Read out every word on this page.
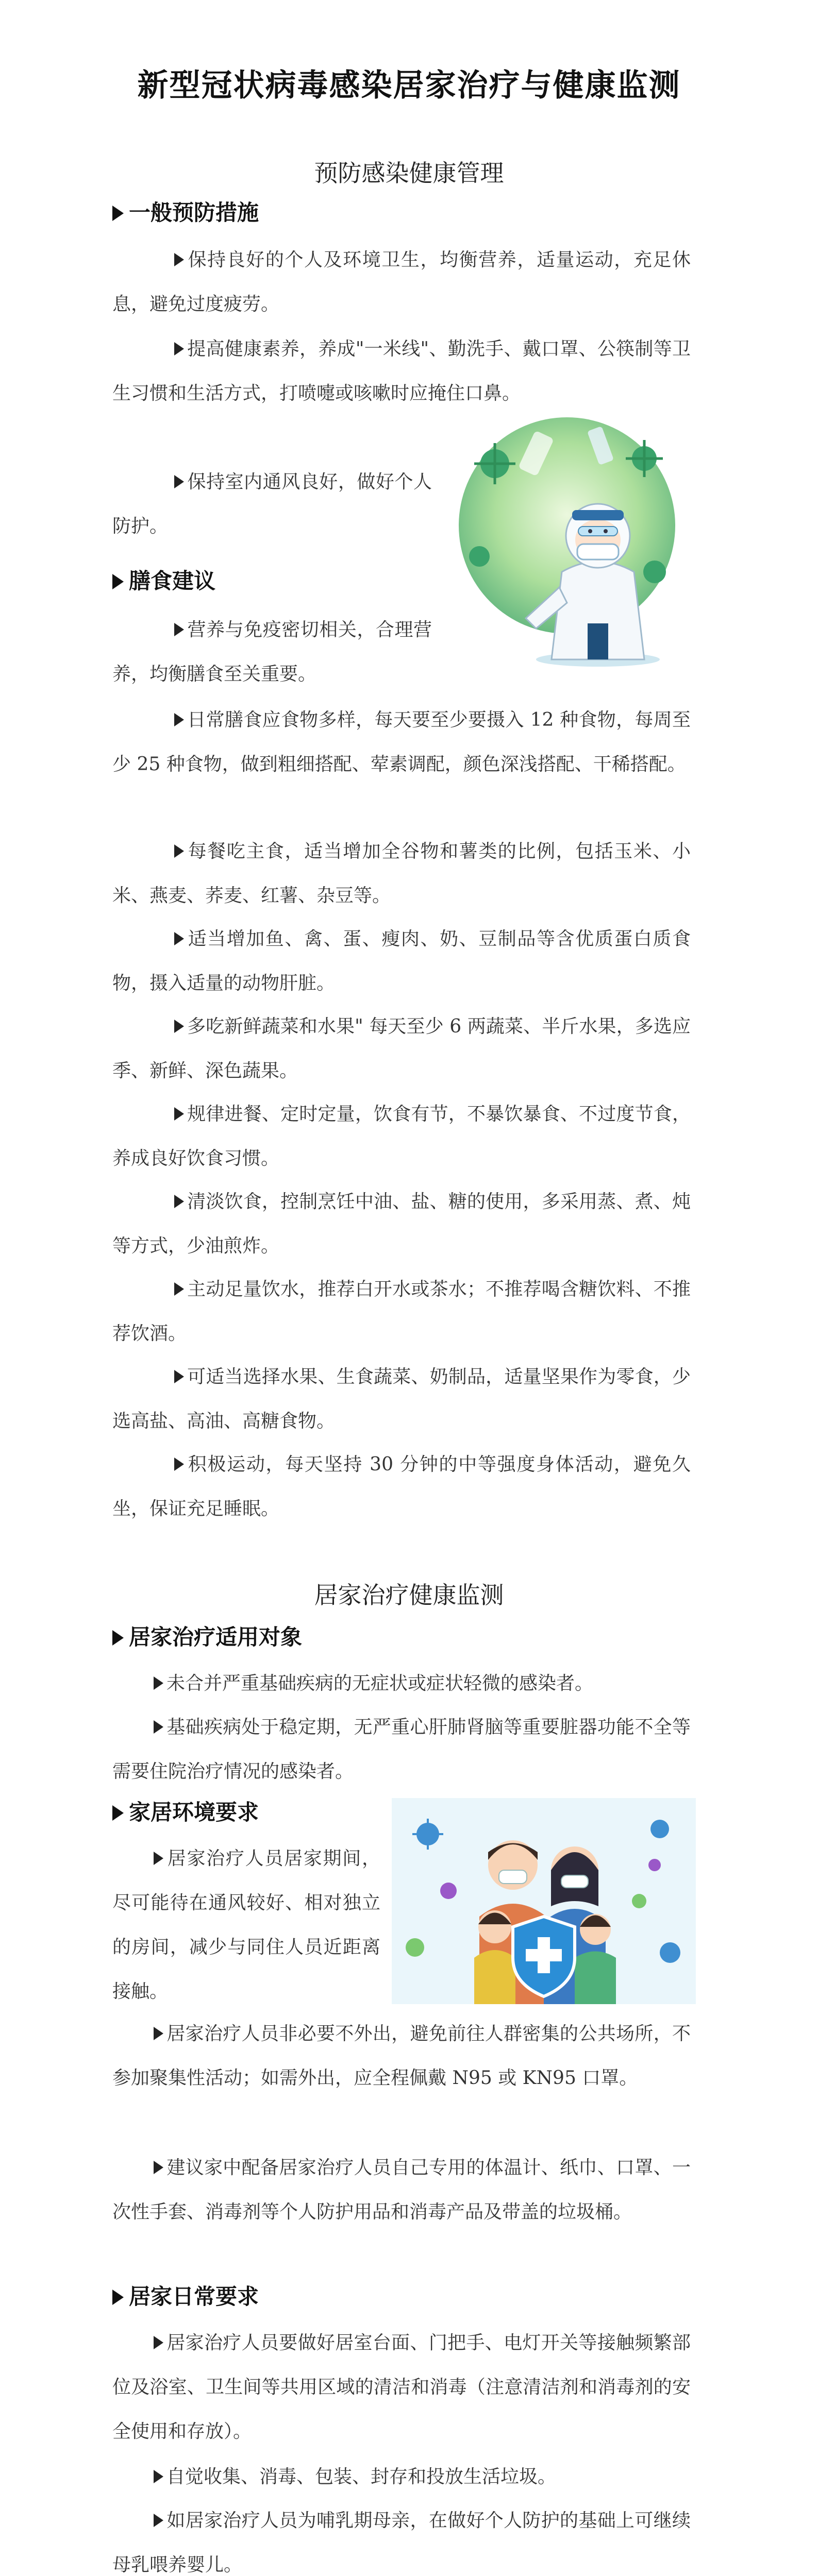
新型冠状病毒感染居家治疗与健康监测
预防感染健康管理
一般预防措施

保持良好的个人及环境卫生，均衡营养，适量运动，充足休息，避免过度疲劳。

提高健康素养，养成"一米线"、勤洗手、戴口罩、公筷制等卫生习惯和生活方式，打喷嚏或咳嗽时应掩住口鼻。

保持室内通风良好，做好个人防护。

膳食建议

营养与免疫密切相关，合理营养，均衡膳食至关重要。

日常膳食应食物多样，每天要至少要摄入 12 种食物，每周至少 25 种食物，做到粗细搭配、荤素调配，颜色深浅搭配、干稀搭配。

每餐吃主食，适当增加全谷物和薯类的比例，包括玉米、小米、燕麦、荞麦、红薯、杂豆等。

适当增加鱼、禽、蛋、瘦肉、奶、豆制品等含优质蛋白质食物，摄入适量的动物肝脏。

多吃新鲜蔬菜和水果" 每天至少 6 两蔬菜、半斤水果，多选应季、新鲜、深色蔬果。

规律进餐、定时定量，饮食有节，不暴饮暴食、不过度节食，养成良好饮食习惯。

清淡饮食，控制烹饪中油、盐、糖的使用，多采用蒸、煮、炖等方式，少油煎炸。

主动足量饮水，推荐白开水或茶水；不推荐喝含糖饮料、不推荐饮酒。

可适当选择水果、生食蔬菜、奶制品，适量坚果作为零食，少选高盐、高油、高糖食物。

积极运动，每天坚持 30 分钟的中等强度身体活动，避免久坐，保证充足睡眠。

居家治疗健康监测
居家治疗适用对象

未合并严重基础疾病的无症状或症状轻微的感染者。

基础疾病处于稳定期，无严重心肝肺肾脑等重要脏器功能不全等需要住院治疗情况的感染者。

家居环境要求

居家治疗人员居家期间，尽可能待在通风较好、相对独立的房间，减少与同住人员近距离接触。

居家治疗人员非必要不外出，避免前往人群密集的公共场所，不参加聚集性活动；如需外出，应全程佩戴 N95 或 KN95 口罩。

建议家中配备居家治疗人员自己专用的体温计、纸巾、口罩、一次性手套、消毒剂等个人防护用品和消毒产品及带盖的垃圾桶。

居家日常要求

居家治疗人员要做好居室台面、门把手、电灯开关等接触频繁部位及浴室、卫生间等共用区域的清洁和消毒（注意清洁剂和消毒剂的安全使用和存放）。

自觉收集、消毒、包装、封存和投放生活垃圾。

如居家治疗人员为哺乳期母亲，在做好个人防护的基础上可继续母乳喂养婴儿。
